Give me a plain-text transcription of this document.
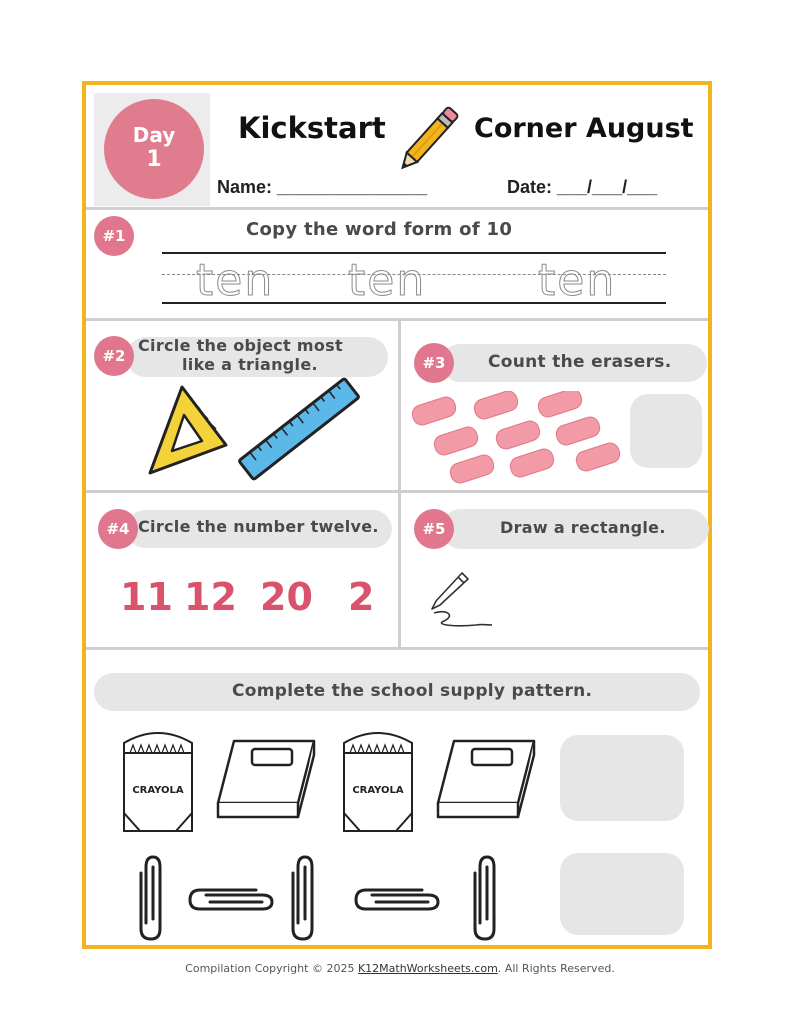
Day
1
Kickstart	Corner August
Name: _______________	Date: ___/___/___
#1	Copy the word form of 10
ten ten	ten
#2
Circle the object most
like a triangle.	#3	Count the erasers.
#4 Circle the number twelve.
11 12 20 2
#5	Draw a rectangle.
Complete the school supply pattern.
CRAYOLA	CRAYOLA
Compilation Copyright © 2025 K12MathWorksheets.com. All Rights Reserved.
